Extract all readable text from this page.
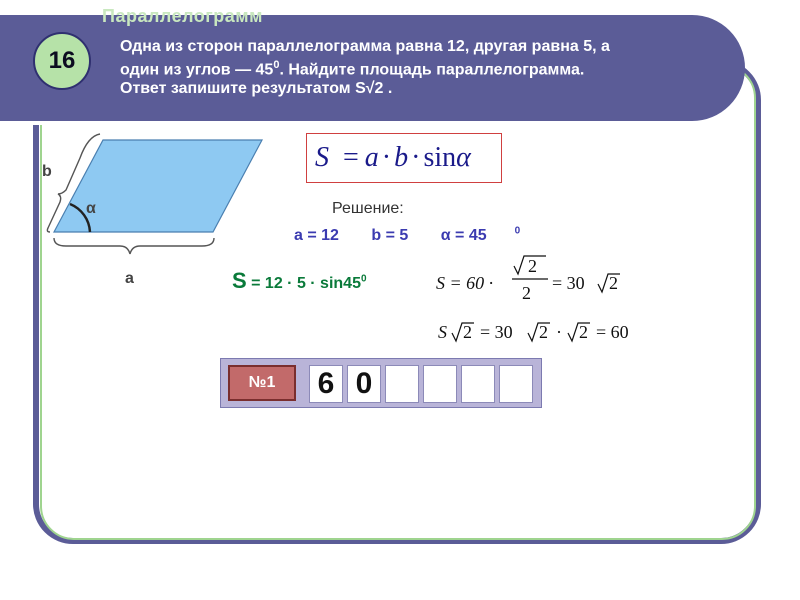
Параллелограмм
16
Одна из сторон параллелограмма равна 12, другая равна 5, а
один из углов — $45^0$. Найдите площадь параллелограмма.
Ответ запишите результатом S√2 .
b
α
a
S = a · b · sin α
Решение:
a = 12 b = 5 α = 45	$^0$
$S = 12 \cdot 5 \cdot \sin 45^0$	S = 60 ·
2
2 = 30 2
S 2 = 30 2 · 2 = 60
№1	6 0
